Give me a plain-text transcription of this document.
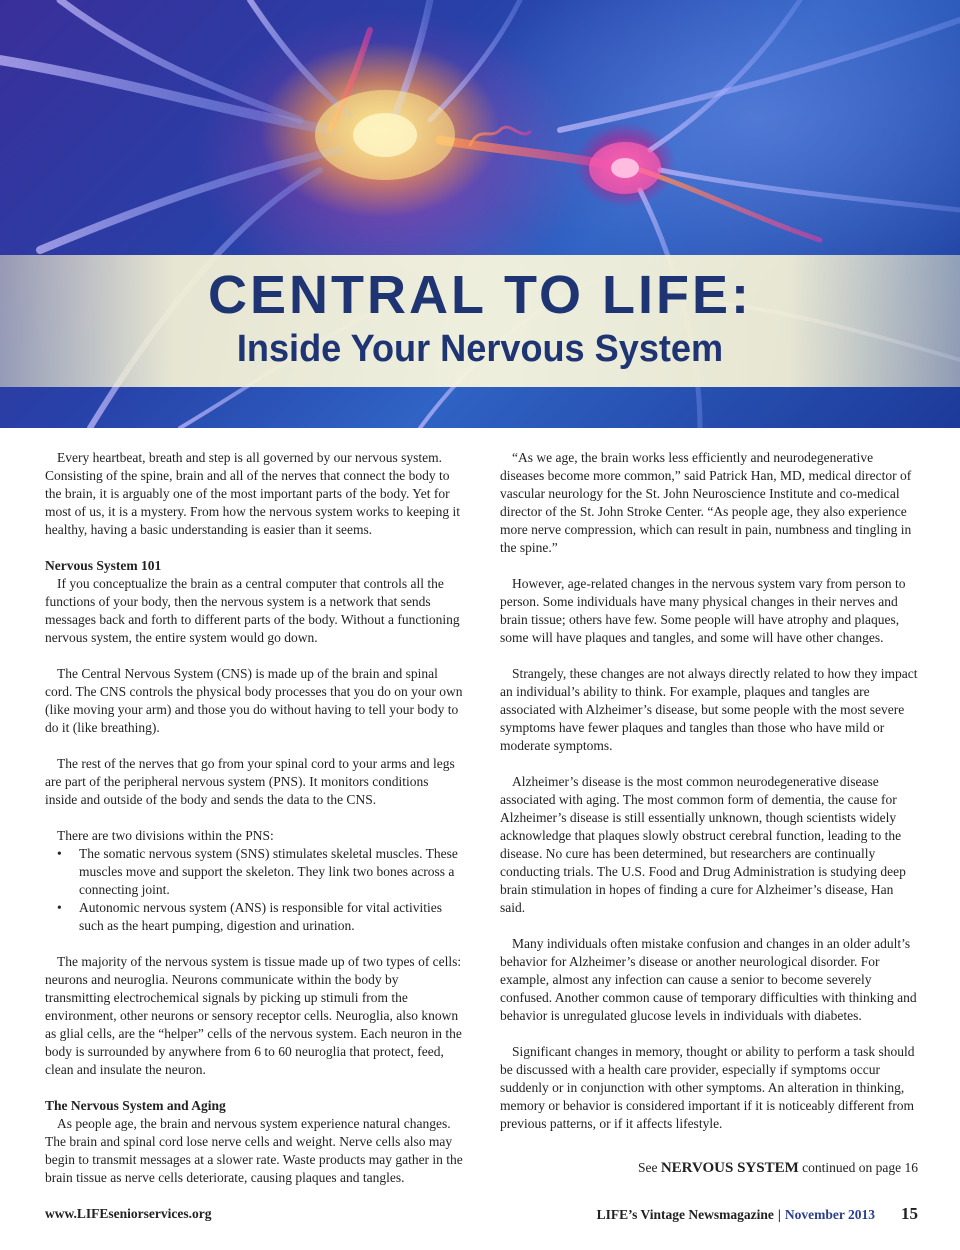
CENTRAL TO LIFE:
Inside Your Nervous System

Every heartbeat, breath and step is all governed by our nervous system. Consisting of the spine, brain and all of the nerves that connect the body to the brain, it is arguably one of the most important parts of the body. Yet for most of us, it is a mystery. From how the nervous system works to keeping it healthy, having a basic understanding is easier than it seems.

Nervous System 101

If you conceptualize the brain as a central computer that controls all the functions of your body, then the nervous system is a network that sends messages back and forth to different parts of the body. Without a functioning nervous system, the entire system would go down.

The Central Nervous System (CNS) is made up of the brain and spinal cord. The CNS controls the physical body processes that you do on your own (like moving your arm) and those you do without having to tell your body to do it (like breathing).

The rest of the nerves that go from your spinal cord to your arms and legs are part of the peripheral nervous system (PNS). It monitors conditions inside and outside of the body and sends the data to the CNS.

There are two divisions within the PNS:

• The somatic nervous system (SNS) stimulates skeletal muscles. These muscles move and support the skeleton. They link two bones across a connecting joint.
• Autonomic nervous system (ANS) is responsible for vital activities such as the heart pumping, digestion and urination.

The majority of the nervous system is tissue made up of two types of cells: neurons and neuroglia. Neurons communicate within the body by transmitting electrochemical signals by picking up stimuli from the environment, other neurons or sensory receptor cells. Neuroglia, also known as glial cells, are the “helper” cells of the nervous system. Each neuron in the body is surrounded by anywhere from 6 to 60 neuroglia that protect, feed, clean and insulate the neuron.

The Nervous System and Aging

As people age, the brain and nervous system experience natural changes. The brain and spinal cord lose nerve cells and weight. Nerve cells also may begin to transmit messages at a slower rate. Waste products may gather in the brain tissue as nerve cells deteriorate, causing plaques and tangles.

“As we age, the brain works less efficiently and neurodegenerative diseases become more common,” said Patrick Han, MD, medical director of vascular neurology for the St. John Neuroscience Institute and co-medical director of the St. John Stroke Center. “As people age, they also experience more nerve compression, which can result in pain, numbness and tingling in the spine.”

However, age-related changes in the nervous system vary from person to person. Some individuals have many physical changes in their nerves and brain tissue; others have few. Some people will have atrophy and plaques, some will have plaques and tangles, and some will have other changes.

Strangely, these changes are not always directly related to how they impact an individual’s ability to think. For example, plaques and tangles are associated with Alzheimer’s disease, but some people with the most severe symptoms have fewer plaques and tangles than those who have mild or moderate symptoms.

Alzheimer’s disease is the most common neurodegenerative disease associated with aging. The most common form of dementia, the cause for Alzheimer’s disease is still essentially unknown, though scientists widely acknowledge that plaques slowly obstruct cerebral function, leading to the disease. No cure has been determined, but researchers are continually conducting trials. The U.S. Food and Drug Administration is studying deep brain stimulation in hopes of finding a cure for Alzheimer’s disease, Han said.

Many individuals often mistake confusion and changes in an older adult’s behavior for Alzheimer’s disease or another neurological disorder. For example, almost any infection can cause a senior to become severely confused. Another common cause of temporary difficulties with thinking and behavior is unregulated glucose levels in individuals with diabetes.

Significant changes in memory, thought or ability to perform a task should be discussed with a health care provider, especially if symptoms occur suddenly or in conjunction with other symptoms. An alteration in thinking, memory or behavior is considered important if it is noticeably different from previous patterns, or if it affects lifestyle.

See NERVOUS SYSTEM continued on page 16
www.LIFEseniorservices.org	LIFE’s Vintage Newsmagazine | November 2013 15
